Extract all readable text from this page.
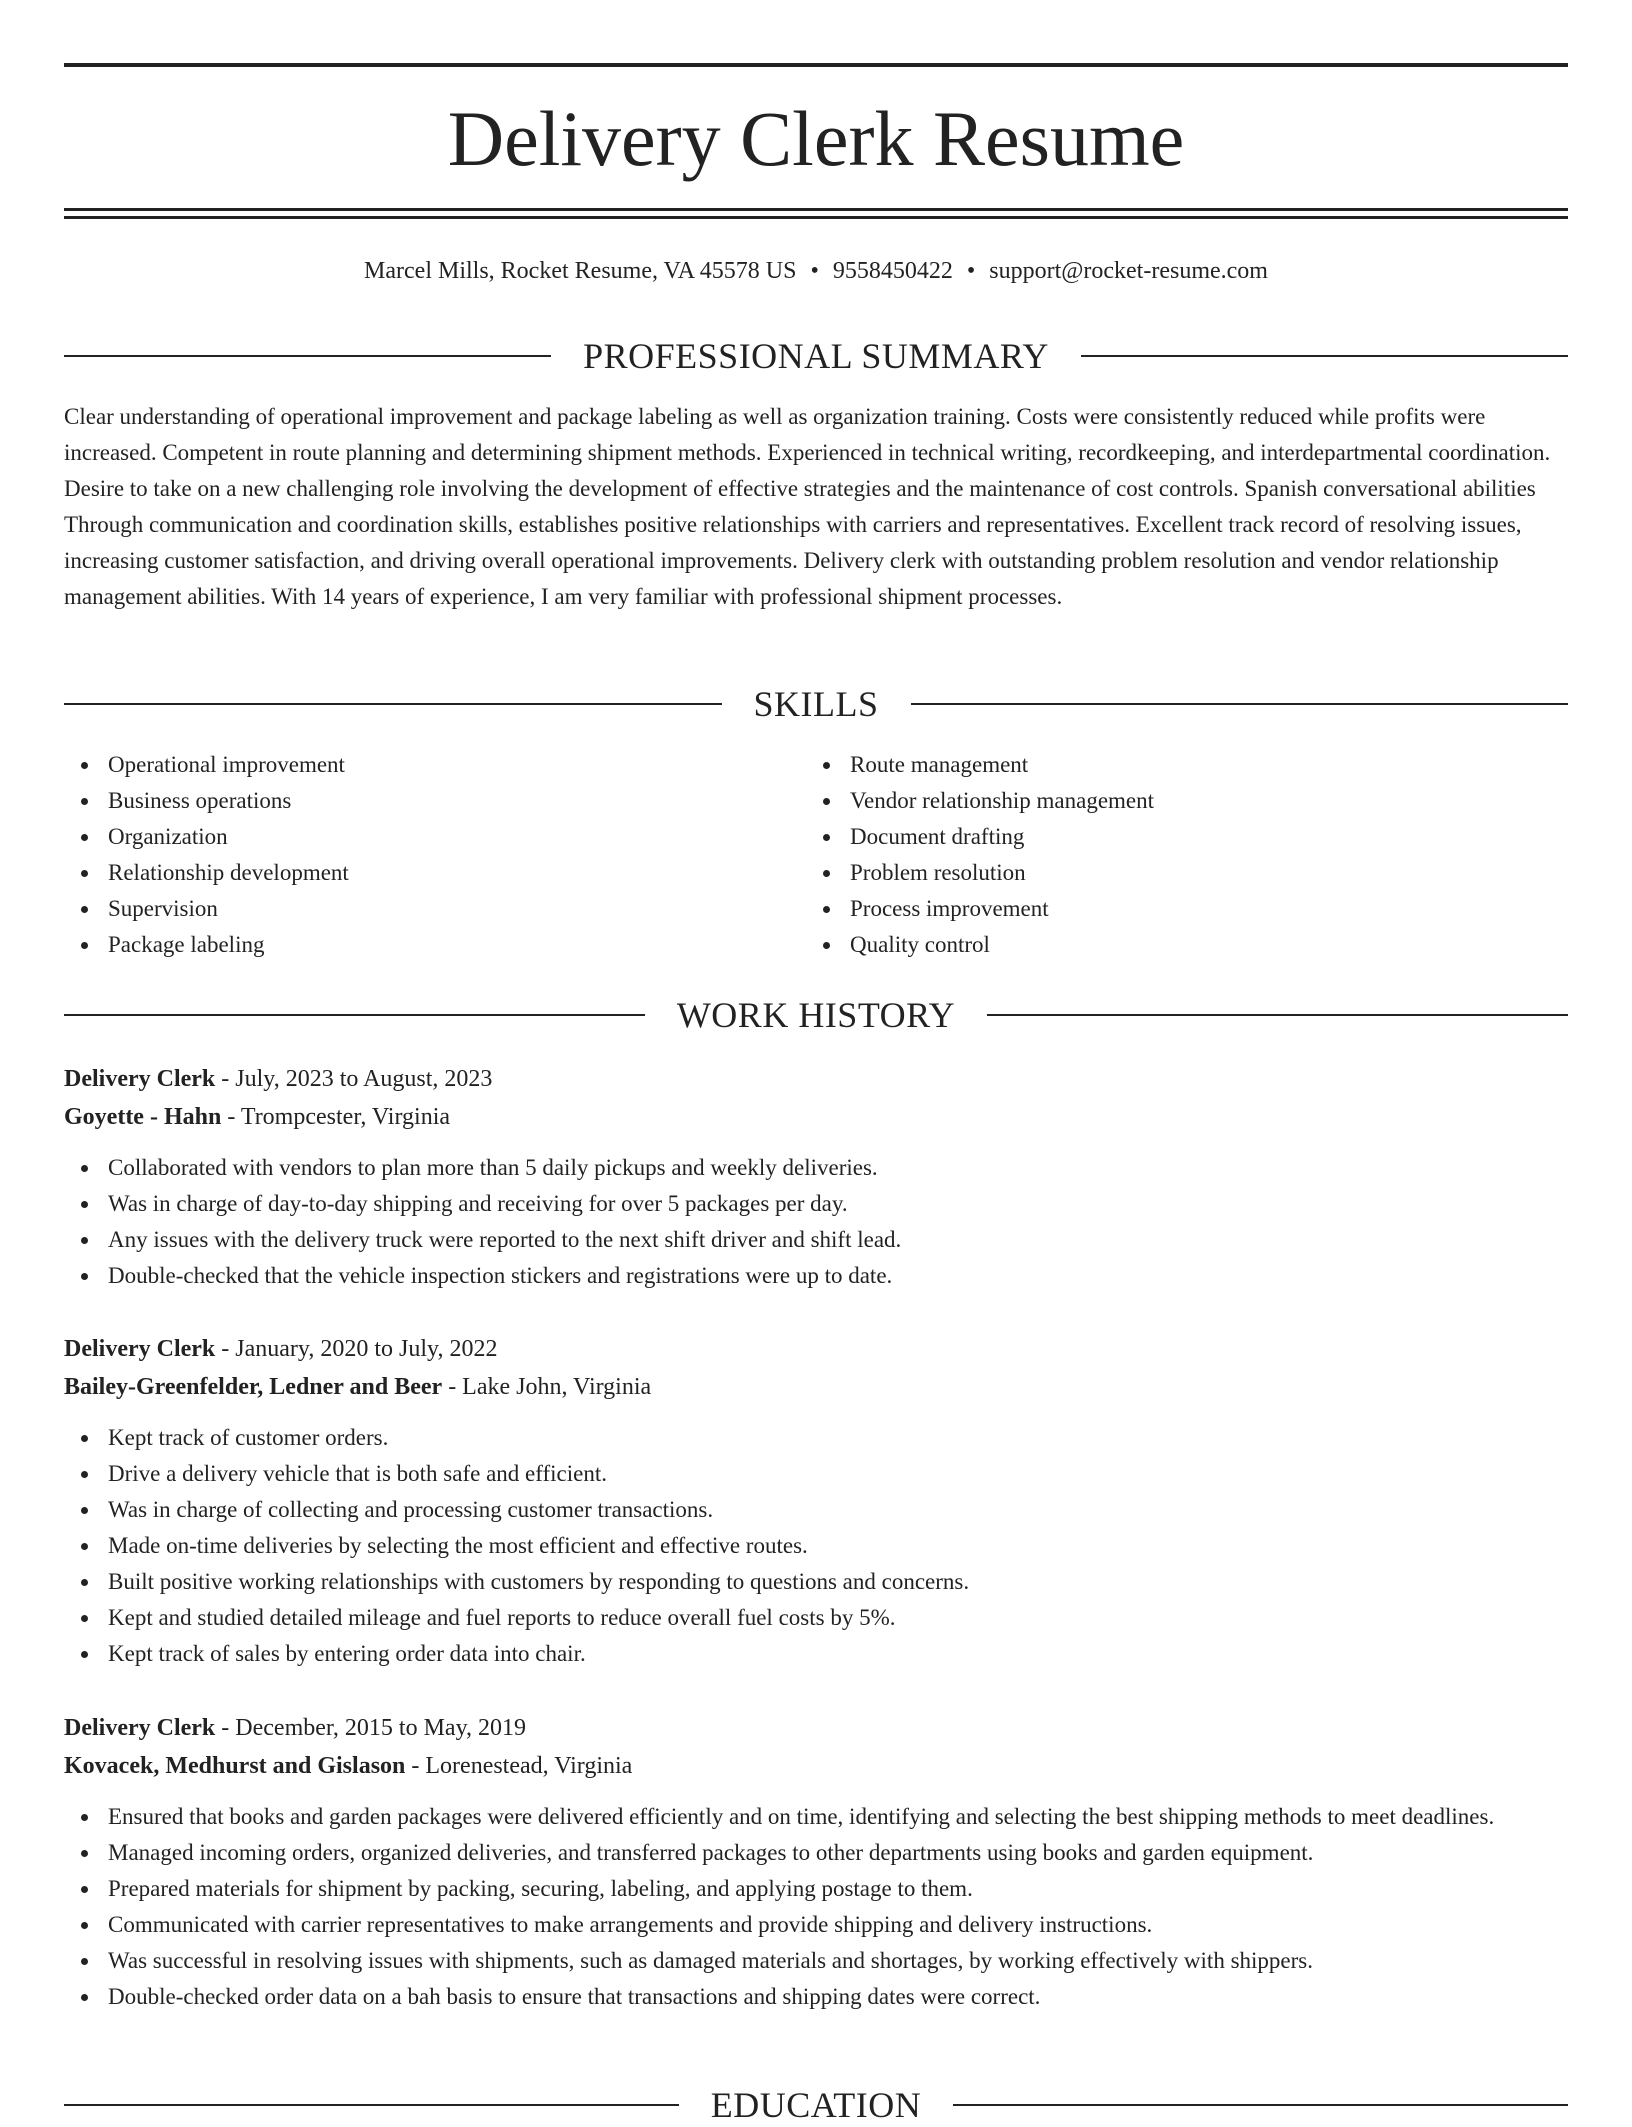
Delivery Clerk Resume
Marcel Mills, Rocket Resume, VA 45578 US • 9558450422 • support@rocket-resume.com
PROFESSIONAL SUMMARY

Clear understanding of operational improvement and package labeling as well as organization training. Costs were consistently reduced while profits were increased. Competent in route planning and determining shipment methods. Experienced in technical writing, recordkeeping, and interdepartmental coordination. Desire to take on a new challenging role involving the development of effective strategies and the maintenance of cost controls. Spanish conversational abilities Through communication and coordination skills, establishes positive relationships with carriers and representatives. Excellent track record of resolving issues, increasing customer satisfaction, and driving overall operational improvements. Delivery clerk with outstanding problem resolution and vendor relationship management abilities. With 14 years of experience, I am very familiar with professional shipment processes.

SKILLS
Operational improvement
Business operations
Organization
Relationship development
Supervision
Package labeling
Route management
Vendor relationship management
Document drafting
Problem resolution
Process improvement
Quality control
WORK HISTORY
Delivery Clerk - July, 2023 to August, 2023
Goyette - Hahn - Trompcester, Virginia
Collaborated with vendors to plan more than 5 daily pickups and weekly deliveries.
Was in charge of day-to-day shipping and receiving for over 5 packages per day.
Any issues with the delivery truck were reported to the next shift driver and shift lead.
Double-checked that the vehicle inspection stickers and registrations were up to date.
Delivery Clerk - January, 2020 to July, 2022
Bailey-Greenfelder, Ledner and Beer - Lake John, Virginia
Kept track of customer orders.
Drive a delivery vehicle that is both safe and efficient.
Was in charge of collecting and processing customer transactions.
Made on-time deliveries by selecting the most efficient and effective routes.
Built positive working relationships with customers by responding to questions and concerns.
Kept and studied detailed mileage and fuel reports to reduce overall fuel costs by 5%.
Kept track of sales by entering order data into chair.
Delivery Clerk - December, 2015 to May, 2019
Kovacek, Medhurst and Gislason - Lorenestead, Virginia
Ensured that books and garden packages were delivered efficiently and on time, identifying and selecting the best shipping methods to meet deadlines.
Managed incoming orders, organized deliveries, and transferred packages to other departments using books and garden equipment.
Prepared materials for shipment by packing, securing, labeling, and applying postage to them.
Communicated with carrier representatives to make arrangements and provide shipping and delivery instructions.
Was successful in resolving issues with shipments, such as damaged materials and shortages, by working effectively with shippers.
Double-checked order data on a bah basis to ensure that transactions and shipping dates were correct.
EDUCATION
